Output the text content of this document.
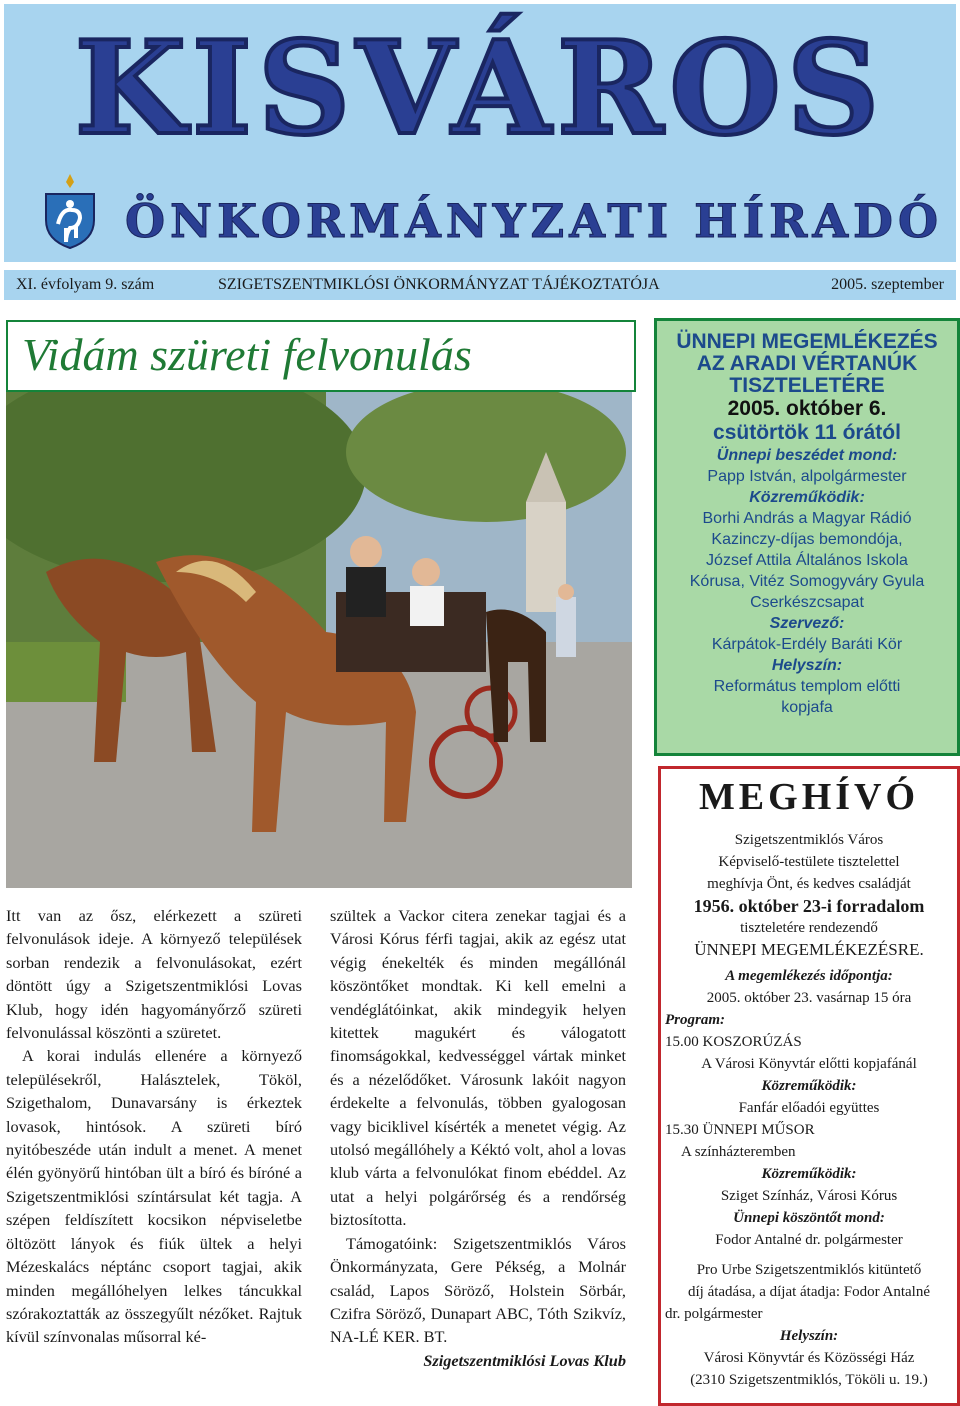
KISVÁROS
ÖNKORMÁNYZATI HÍRADÓ
XI. évfolyam 9. szám	SZIGETSZENTMIKLÓSI ÖNKORMÁNYZAT TÁJÉKOZTATÓJA	2005. szeptember
Vidám szüreti felvonulás	ÜNNEPI MEGEMLÉKEZÉS
AZ ARADI VÉRTANÚK
TISZTELETÉRE
2005. október 6.
csütörtök 11 órától
Ünnepi beszédet mond:
Papp István, alpolgármester
Közreműködik:
Borhi András a Magyar Rádió
Kazinczy-díjas bemondója,
József Attila Általános Iskola
Kórusa, Vitéz Somogyváry Gyula
Cserkészcsapat
Szervező:
Kárpátok-Erdély Baráti Kör
Helyszín:
Református templom előtti
kopjafa
MEGHÍVÓ

Szigetszentmiklós Város

Képviselő-testülete tisztelettel

meghívja Önt, és kedves családját

1956. október 23-i forradalom

tiszteletére rendezendő

ÜNNEPI MEGEMLÉKEZÉSRE.

A megemlékezés időpontja:

2005. október 23. vasárnap 15 óra

Program:

15.00 KOSZORÚZÁS

A Városi Könyvtár előtti kopjafánál

Közreműködik:

Fanfár előadói együttes

15.30 ÜNNEPI MŰSOR

A színházteremben

Közreműködik:

Sziget Színház, Városi Kórus

Ünnepi köszöntőt mond:

Fodor Antalné dr. polgármester

Pro Urbe Szigetszentmiklós kitüntető

díj átadása, a díjat átadja: Fodor Antalné

dr. polgármester

Helyszín:

Városi Könyvtár és Közösségi Ház

(2310 Szigetszentmiklós, Tököli u. 19.)

Itt van az ősz, elérkezett a szüreti felvonulások ideje. A környező települések sorban rendezik a felvonulásokat, ezért döntött úgy a Szigetszentmiklósi Lovas Klub, hogy idén hagyományőrző szüreti felvonulással köszönti a szüretet.

A korai indulás ellenére a környező településekről, Halásztelek, Tököl, Szigethalom, Dunavarsány is érkeztek lovasok, hintósok. A szüreti bíró nyitóbeszéde után indult a menet. A menet élén gyönyörű hintóban ült a bíró és bíróné a Szigetszentmiklósi színtársulat két tagja. A szépen feldíszített kocsikon népviseletbe öltözött lányok és fiúk ültek a helyi Mézeskalács néptánc csoport tagjai, akik minden megállóhelyen lelkes táncukkal szórakoztatták az összegyűlt nézőket. Rajtuk kívül színvonalas műsorral ké-

szültek a Vackor citera zenekar tagjai és a Városi Kórus férfi tagjai, akik az egész utat végig énekelték és minden megállónál köszöntőket mondtak. Ki kell emelni a vendéglátóinkat, akik mindegyik helyen kitettek magukért és válogatott finomságokkal, kedvességgel vártak minket és a nézelődőket. Városunk lakóit nagyon érdekelte a felvonulás, többen gyalogosan vagy biciklivel kísérték a menetet végig. Az utolsó megállóhely a Kéktó volt, ahol a lovas klub várta a felvonulókat finom ebéddel. Az utat a helyi polgárőrség és a rendőrség biztosította.

Támogatóink: Szigetszentmiklós Város Önkormányzata, Gere Pékség, a Molnár család, Lapos Söröző, Holstein Sörbár, Czifra Söröző, Dunapart ABC, Tóth Szikvíz, NA-LÉ KER. BT.

Szigetszentmiklósi Lovas Klub
